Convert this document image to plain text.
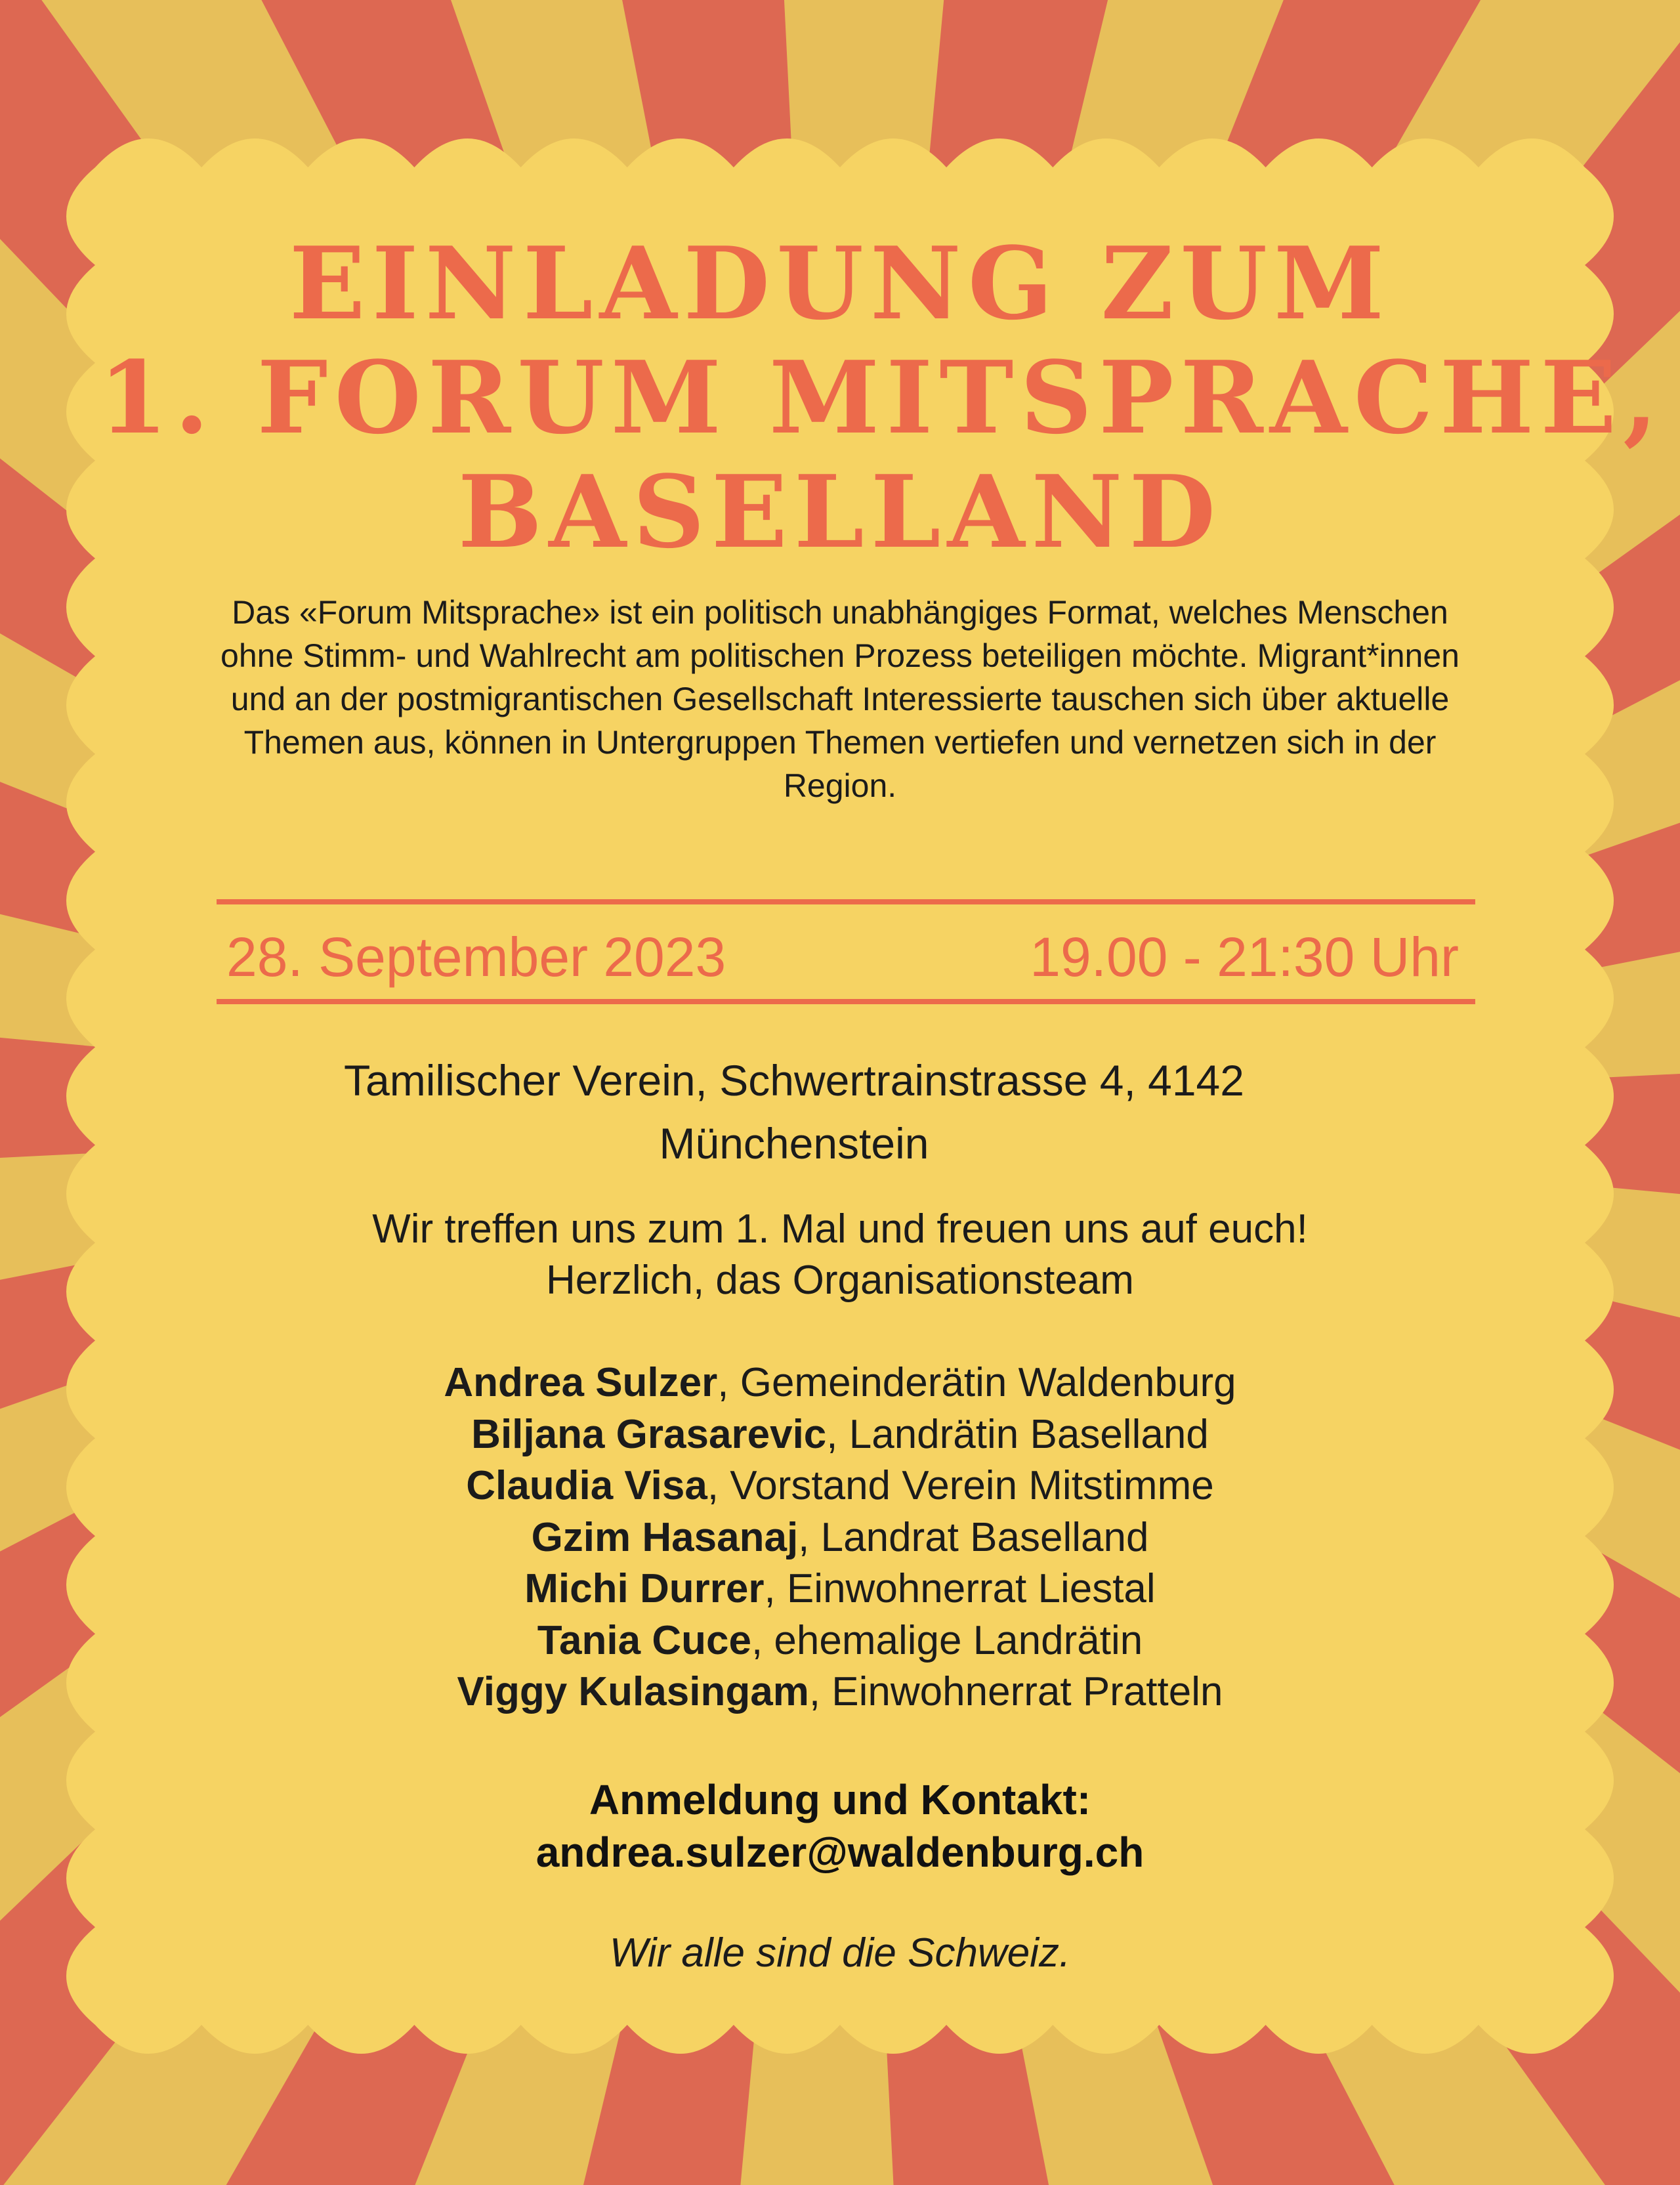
EINLADUNG ZUM
1. FORUM MITSPRACHE,
BASELLAND

Das «Forum Mitsprache» ist ein politisch unabhängiges Format, welches Menschen ohne Stimm- und Wahlrecht am politischen Prozess beteiligen möchte. Migrant*innen und an der postmigrantischen Gesellschaft Interessierte tauschen sich über aktuelle Themen aus, können in Untergruppen Themen vertiefen und vernetzen sich in der Region.

28. September 2023	19.00 - 21:30 Uhr
Tamilischer Verein, Schwertrainstrasse 4, 4142
Münchenstein
Wir treffen uns zum 1. Mal und freuen uns auf euch!
Herzlich, das Organisationsteam
Andrea Sulzer, Gemeinderätin Waldenburg
Biljana Grasarevic, Landrätin Baselland
Claudia Visa, Vorstand Verein Mitstimme
Gzim Hasanaj, Landrat Baselland
Michi Durrer, Einwohnerrat Liestal
Tania Cuce, ehemalige Landrätin
Viggy Kulasingam, Einwohnerrat Pratteln
Anmeldung und Kontakt:
andrea.sulzer@waldenburg.ch
Wir alle sind die Schweiz.
